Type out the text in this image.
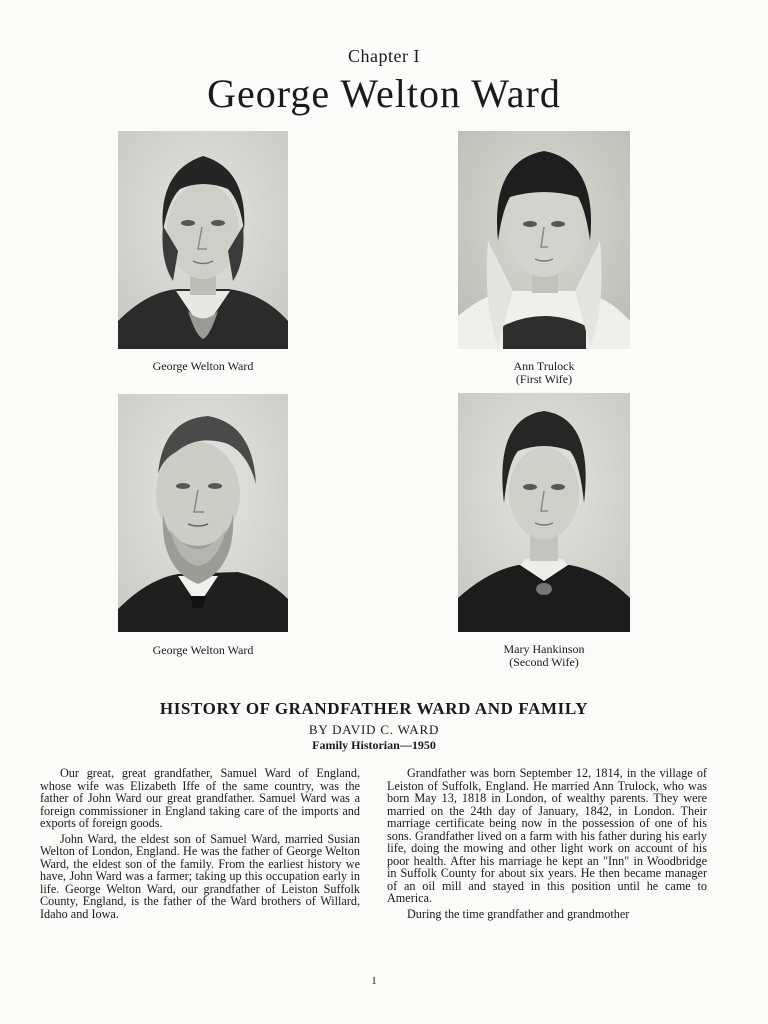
Chapter I
George Welton Ward
George Welton Ward	Ann Trulock
(First Wife)
George Welton Ward	Mary Hankinson
(Second Wife)
HISTORY OF GRANDFATHER WARD AND FAMILY
BY DAVID C. WARD
Family Historian—1950

Our great, great grandfather, Samuel Ward of England, whose wife was Elizabeth Iffe of the same country, was the father of John Ward our great grandfather. Samuel Ward was a foreign commissioner in England taking care of the imports and exports of foreign goods.

John Ward, the eldest son of Samuel Ward, married Susian Welton of London, England. He was the father of George Welton Ward, the eldest son of the family. From the earliest history we have, John Ward was a farmer; taking up this occupation early in life. George Welton Ward, our grandfather of Leiston Suffolk County, England, is the father of the Ward brothers of Willard, Idaho and Iowa.

Grandfather was born September 12, 1814, in the village of Leiston of Suffolk, England. He married Ann Trulock, who was born May 13, 1818 in London, of wealthy parents. They were married on the 24th day of January, 1842, in London. Their marriage certificate being now in the possession of one of his sons. Grandfather lived on a farm with his father during his early life, doing the mowing and other light work on account of his poor health. After his marriage he kept an "Inn" in Woodbridge in Suffolk County for about six years. He then became manager of an oil mill and stayed in this position until he came to America.

During the time grandfather and grandmother

1
